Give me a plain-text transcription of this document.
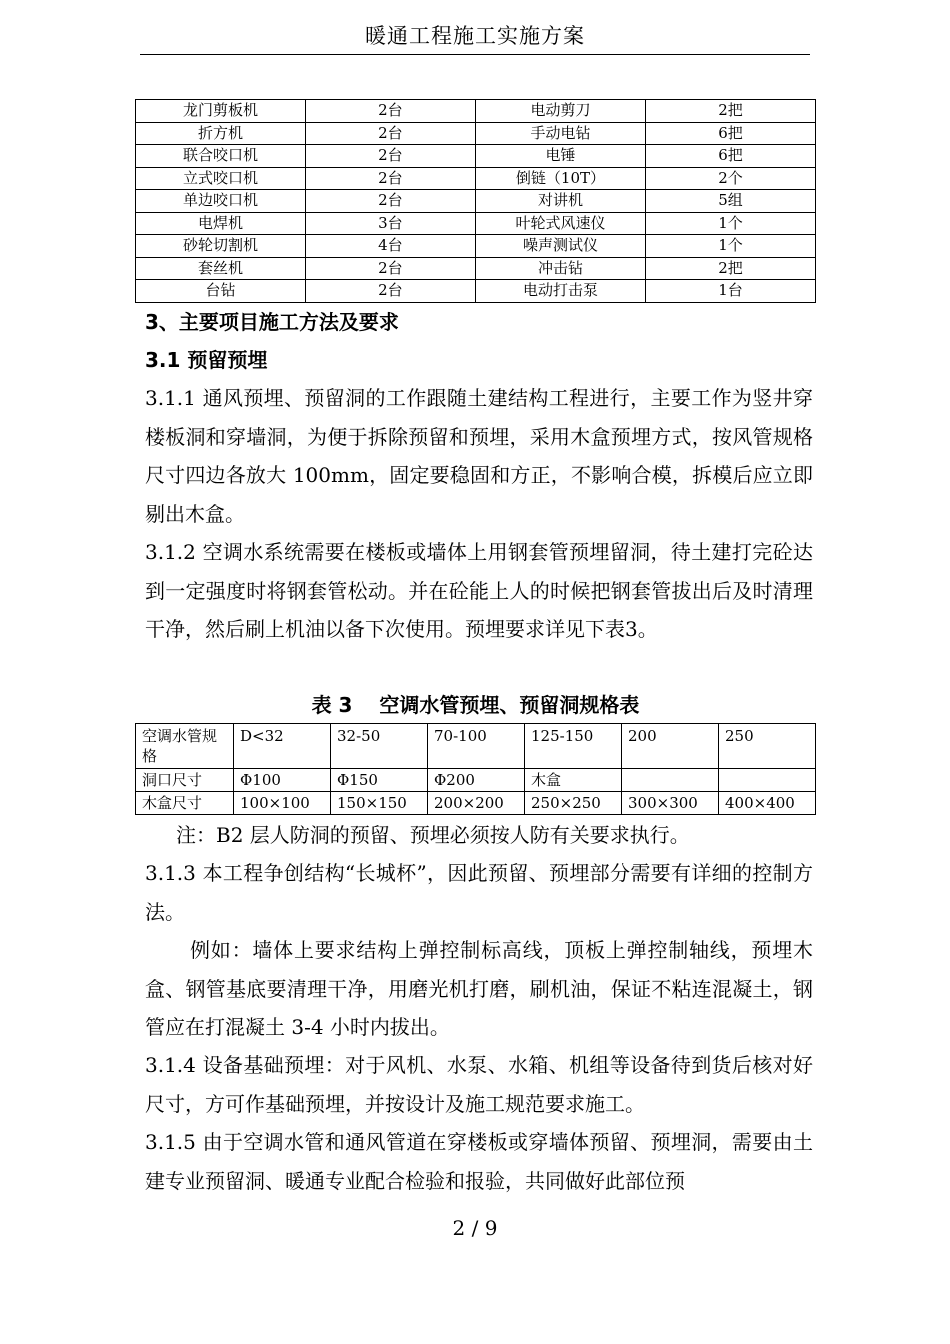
暖通工程施工实施方案
龙门剪板机	2台	电动剪刀	2把
折方机	2台	手动电钻	6把
联合咬口机	2台	电锤	6把
立式咬口机	2台	倒链（10T）	2个
单边咬口机	2台	对讲机	5组
电焊机	3台	叶轮式风速仪	1个
砂轮切割机	4台	噪声测试仪	1个
套丝机	2台	冲击钻	2把
台钻	2台	电动打击泵	1台
3、主要项目施工方法及要求
3.1 预留预埋
3.1.1 通风预埋、预留洞的工作跟随土建结构工程进行，主要工作为竖井穿楼板洞和穿墙洞，为便于拆除预留和预埋，采用木盒预埋方式，按风管规格尺寸四边各放大 100mm，固定要稳固和方正，不影响合模，拆模后应立即剔出木盒。
3.1.2 空调水系统需要在楼板或墙体上用钢套管预埋留洞，待土建打完砼达到一定强度时将钢套管松动。并在砼能上人的时候把钢套管拔出后及时清理干净，然后刷上机油以备下次使用。预埋要求详见下表3。
表 3　 空调水管预埋、预留洞规格表
空调水管规格	D<32	32-50	70-100	125-150	200	250
洞口尺寸	Φ100	Φ150	Φ200	木盒		
木盒尺寸	100×100	150×150	200×200	250×250	300×300	400×400
注：B2 层人防洞的预留、预埋必须按人防有关要求执行。
3.1.3 本工程争创结构“长城杯”，因此预留、预埋部分需要有详细的控制方法。
例如：墙体上要求结构上弹控制标高线，顶板上弹控制轴线，预埋木盒、钢管基底要清理干净，用磨光机打磨，刷机油，保证不粘连混凝土，钢管应在打混凝土 3-4 小时内拔出。
3.1.4 设备基础预埋：对于风机、水泵、水箱、机组等设备待到货后核对好尺寸，方可作基础预埋，并按设计及施工规范要求施工。
3.1.5 由于空调水管和通风管道在穿楼板或穿墙体预留、预埋洞，需要由土建专业预留洞、暖通专业配合检验和报验，共同做好此部位预
2 / 9
